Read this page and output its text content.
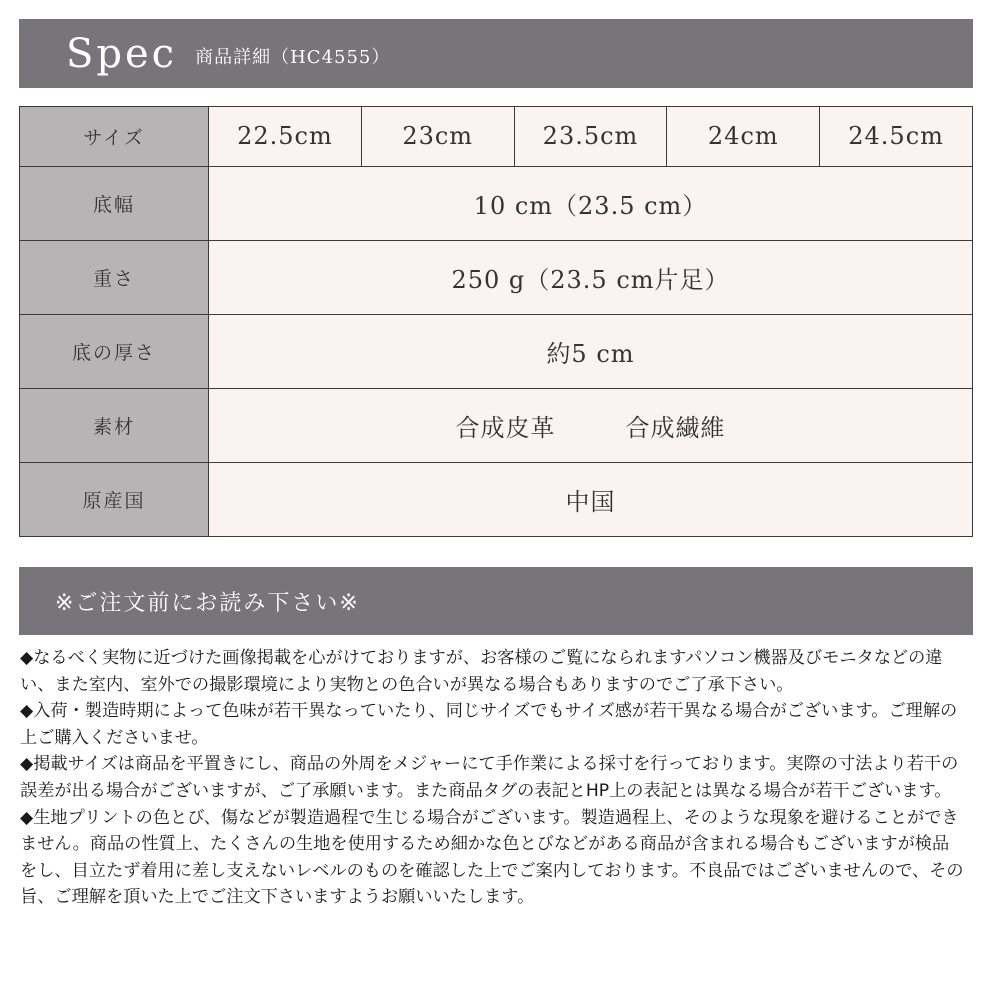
Spec 商品詳細（HC4555）
サイズ	22.5cm	23cm	23.5cm	24cm	24.5cm
底幅	10 cm（23.5 cm）				
重さ	250 g（23.5 cm片足）				
底の厚さ	約5 cm				
素材	合成皮革 合成繊維				
原産国	中国				
※ご注文前にお読み下さい※

◆なるべく実物に近づけた画像掲載を心がけておりますが、お客様のご覧になられますパソコン機器及びモニタなどの違い、また室内、室外での撮影環境により実物との色合いが異なる場合もありますのでご了承下さい。

◆入荷・製造時期によって色味が若干異なっていたり、同じサイズでもサイズ感が若干異なる場合がございます。ご理解の上ご購入くださいませ。

◆掲載サイズは商品を平置きにし、商品の外周をメジャーにて手作業による採寸を行っております。実際の寸法より若干の誤差が出る場合がございますが、ご了承願います。また商品タグの表記とHP上の表記とは異なる場合が若干ございます。

◆生地プリントの色とび、傷などが製造過程で生じる場合がございます。製造過程上、そのような現象を避けることができません。商品の性質上、たくさんの生地を使用するため細かな色とびなどがある商品が含まれる場合もございますが検品をし、目立たず着用に差し支えないレベルのものを確認した上でご案内しております。不良品ではございませんので、その旨、ご理解を頂いた上でご注文下さいますようお願いいたします。
